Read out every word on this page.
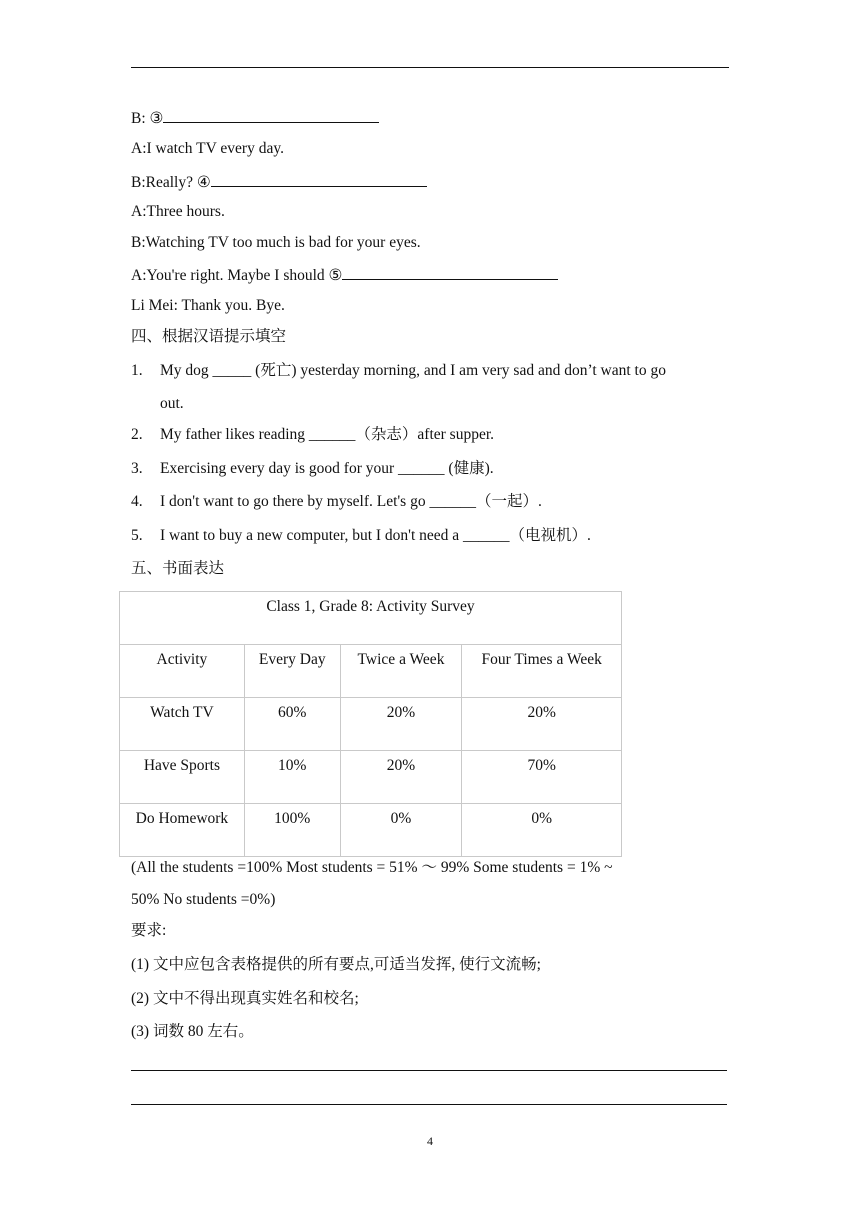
B: ③
A:I watch TV every day.
B:Really? ④
A:Three hours.
B:Watching TV too much is bad for your eyes.
A:You're right. Maybe I should ⑤
Li Mei: Thank you. Bye.
四、根据汉语提示填空
1. My dog _____ (死亡) yesterday morning, and I am very sad and don’t want to go
out.
2. My father likes reading ______（杂志）after supper.
3. Exercising every day is good for your ______ (健康).
4. I don't want to go there by myself. Let's go ______（一起）.
5. I want to buy a new computer, but I don't need a ______（电视机）.
五、书面表达
Class 1, Grade 8: Activity Survey			
Activity	Every Day	Twice a Week	Four Times a Week
Watch TV	60%	20%	20%
Have Sports	10%	20%	70%
Do Homework	100%	0%	0%
(All the students =100% Most students = 51% ～ 99% Some students = 1% ~
50% No students =0%)
要求:
(1) 文中应包含表格提供的所有要点,可适当发挥, 使行文流畅;
(2) 文中不得出现真实姓名和校名;
(3) 词数 80 左右。
4
